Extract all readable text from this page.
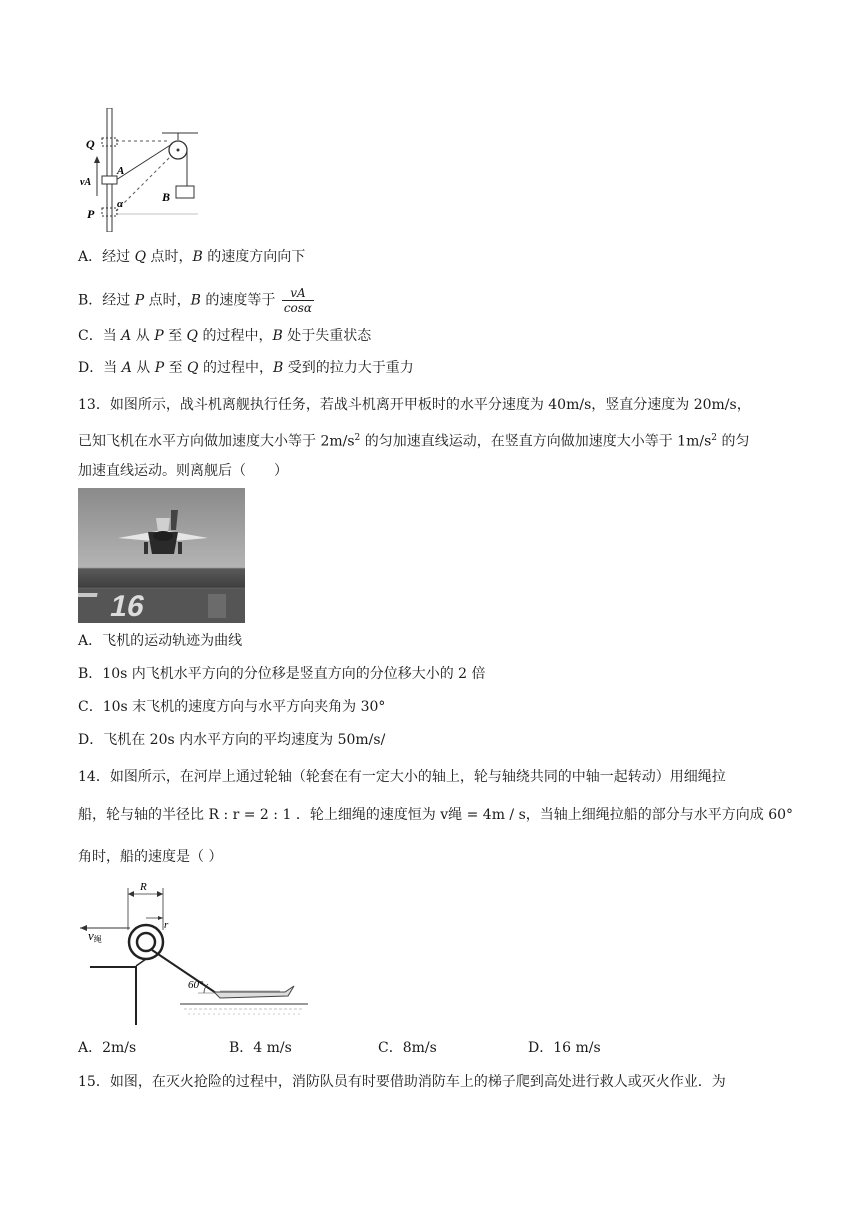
Q
vA
A
P
α	B
A．经过 Q 点时，B 的速度方向向下
B．经过 P 点时，B 的速度等于 $\frac{vA}{\cos\alpha}$
C．当 A 从 P 至 Q 的过程中，B 处于失重状态
D．当 A 从 P 至 Q 的过程中，B 受到的拉力大于重力
13．如图所示，战斗机离舰执行任务，若战斗机离开甲板时的水平分速度为 40m/s，竖直分速度为 20m/s，
已知飞机在水平方向做加速度大小等于 $2m/s^2$ 的匀加速直线运动，在竖直方向做加速度大小等于 $1m/s^2$ 的匀
加速直线运动。则离舰后（　　）
16
A．飞机的运动轨迹为曲线
B．10s 内飞机水平方向的分位移是竖直方向的分位移大小的 2 倍
C．10s 末飞机的速度方向与水平方向夹角为 30°
D．飞机在 20s 内水平方向的平均速度为 50m/s/
14．如图所示，在河岸上通过轮轴（轮套在有一定大小的轴上，轮与轴绕共同的中轴一起转动）用细绳拉
船，轮与轴的半径比 R : r = 2 : 1 ．轮上细绳的速度恒为 v绳 = 4m / s，当轴上细绳拉船的部分与水平方向成 60°
角时，船的速度是（ ）
R
r
v绳
60°
A．2m/s	B．4 m/s	C．8m/s	D．16 m/s
15．如图，在灭火抢险的过程中，消防队员有时要借助消防车上的梯子爬到高处进行救人或灭火作业．为
